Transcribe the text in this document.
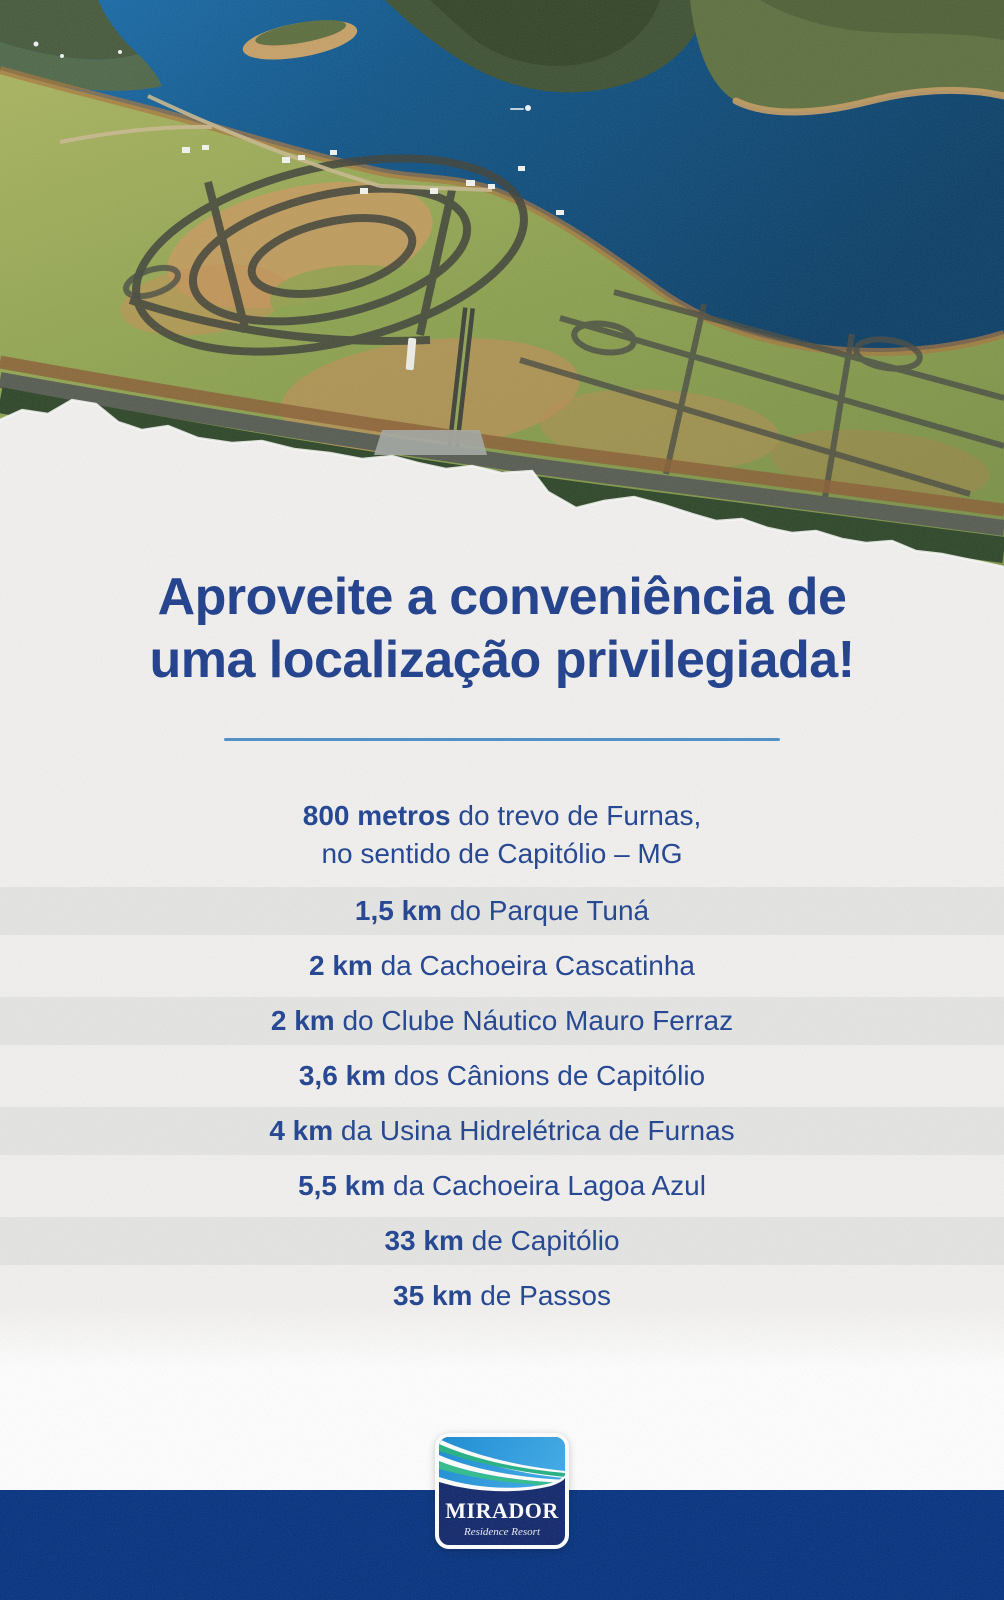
Aproveite a conveniência de
uma localização privilegiada!
800 metros do trevo de Furnas,
no sentido de Capitólio – MG
1,5 km do Parque Tuná
2 km da Cachoeira Cascatinha
2 km do Clube Náutico Mauro Ferraz
3,6 km dos Cânions de Capitólio
4 km da Usina Hidrelétrica de Furnas
5,5 km da Cachoeira Lagoa Azul
33 km de Capitólio
35 km de Passos
MIRADOR
Residence Resort
